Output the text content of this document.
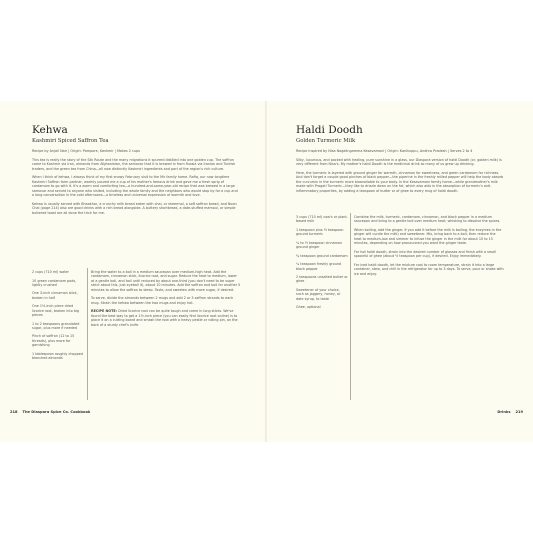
Kehwa
Kashmiri Spiced Saffron Tea
Recipe by Anjali Nair | Origin: Pampore, Kashmir | Makes 2 cups

This tea is really the story of the Silk Route and the many migrations it spurred distilled into one golden cup. The saffron came to Kashmir via Iran, almonds from Afghanistan, the samovar that it is brewed in from Russia via Iranian and Turkish traders, and the green tea from China—all now distinctly Kashmiri ingredients and part of the region's rich culture.

When I think of kehwa, I always think of my first snowy February visit to the Mir family home. Rafiq, our now longtime Kashmiri Saffron farm partner, warmly poured me a cup of his mother's famous drink and gave me a fresh sprig of cardamom to go with it. It's a warm and comforting tea—a hundred-and-some-year-old recipe that was brewed in a large samovar and served to anyone who visited, including the whole family and the neighbors who would stop by for a cup and a long conversation in the cold afternoons—a timeless and universal expression of warmth and love.

Kehwa is usually served with Bhaakhar, a crunchy milk bread eaten with chai, or sheermal, a soft saffron bread, and Noon Chai (page 214) also are good drinks with a rich bread alongside. A buttery shortbread, a date-stuffed mamoul, or simple buttered toast are all done the trick for me.

2 cups (710 ml) water
10 green cardamom pods, lightly crushed
One 3-inch cinnamon stick, broken in half
One 1½-inch piece dried licorice root, broken into big pieces
1 to 2 teaspoons granulated sugar, plus more if needed
Pinch of saffron (12 to 15 threads), plus more for garnishing
1 tablespoon roughly chopped blanched almonds

Bring the water to a boil in a medium saucepan over medium-high heat. Add the cardamom, cinnamon stick, licorice root, and sugar. Reduce the heat to medium, lower at a gentle boil, and boil until reduced by about one-third (you don't need to be super strict about this, just eyeball it), about 10 minutes. Add the saffron and boil for another 5 minutes to allow the saffron to steep. Taste, and sweeten with more sugar, if desired.

To serve, divide the almonds between 2 mugs and add 2 or 3 saffron strands to each mug. Strain the kehwa between the two mugs and enjoy hot.

RECIPE NOTE: Dried licorice root can be quite tough and come in long sticks. We've found the best way to get a 1½-inch piece (you can easily find licorice root online) is to place it on a cutting board and smash the root with a heavy pestle or rolling pin, on the back of a sturdy chef's knife.

218 The Diaspora Spice Co. Cookbook
Haldi Doodh
Golden Turmeric Milk
Recipe inspired by Nisa Nagalingamma Kesavamani | Origin: Kanikuppu, Andhra Pradesh | Serves 2 to 4

Silky, luxurious, and packed with healing, pure sunshine in a glass, our Diaspora version of haldi Doodh (or, golden milk) is very different from Nisa's. My mother's haldi Doodh is the medicinal drink so many of us grew up drinking.

Here, the turmeric is layered with ground ginger for warmth, cinnamon for sweetness, and green cardamom for richness. And don't forget a couple good pinches of black pepper—the piperine in the freshly milled pepper will help the body absorb the curcumin in the turmeric more bioavailable to your body. In the Kesavamani family home—while grandmother's milk made with Pragati Turmeric—they like to drizzle down on the fat, which also aids in the absorption of turmeric's anti-inflammatory properties, by adding a teaspoon of butter or of ghee to every mug of haldi doodh.

3 cups (710 ml) cow's or plant-based milk
1 teaspoon plus ½ teaspoon ground turmeric
¼ to ½ teaspoon cinnamon ground ginger
¾ teaspoon ground cardamom
¼ teaspoon freshly ground black pepper
2 teaspoons unsalted butter or ghee
Sweetener of your choice, such as jaggery, honey, or date syrup, to taste
Ghee, optional

Combine the milk, turmeric, cardamom, cinnamon, and black pepper in a medium saucepan and bring to a gentle boil over medium heat, whisking to dissolve the spices.

When boiling, add the ginger. If you add it before the milk is boiling, the enzymes in the ginger will curdle the milk) and sweetener. Mix, bring back to a boil, then reduce the heat to medium-low and simmer to infuse the ginger in the milk for about 10 to 15 minutes, depending on how pronounced you want the ginger taste.

For hot haldi doodh, strain into the desired number of glasses and finish with a small spoonful of ghee (about ½ teaspoon per cup), if desired. Enjoy immediately.

For iced haldi doodh, let the mixture cool to room temperature, strain it into a large container, stew, and chill in the refrigerator for up to 3 days. To serve, pour or shake with ice and enjoy.

Drinks 219
